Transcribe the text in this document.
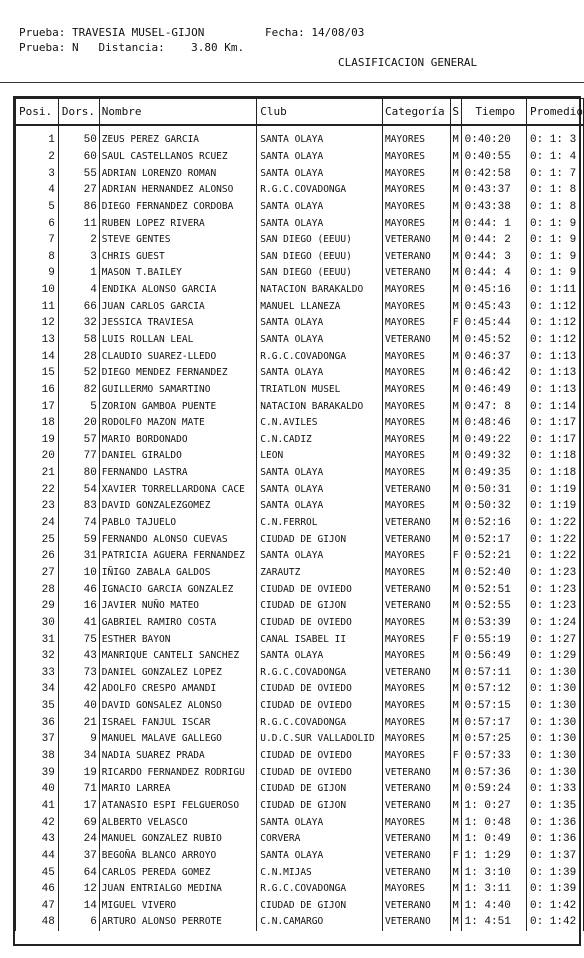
Prueba: TRAVESIA MUSEL-GIJON	Fecha: 14/08/03
Prueba: N   Distancia:    3.80 Km.
CLASIFICACION GENERAL
Posi.	Dors.	Nombre	Club	Categoría	S	Tiempo	Promedio

1	50	ZEUS PEREZ GARCIA	SANTA OLAYA	MAYORES	M	0:40:20	0: 1: 3
2	60	SAUL CASTELLANOS RCUEZ	SANTA OLAYA	MAYORES	M	0:40:55	0: 1: 4
3	55	ADRIAN LORENZO ROMAN	SANTA OLAYA	MAYORES	M	0:42:58	0: 1: 7
4	27	ADRIAN HERNANDEZ ALONSO	R.G.C.COVADONGA	MAYORES	M	0:43:37	0: 1: 8
5	86	DIEGO FERNANDEZ CORDOBA	SANTA OLAYA	MAYORES	M	0:43:38	0: 1: 8
6	11	RUBEN LOPEZ RIVERA	SANTA OLAYA	MAYORES	M	0:44: 1	0: 1: 9
7	2	STEVE GENTES	SAN DIEGO (EEUU)	VETERANO	M	0:44: 2	0: 1: 9
8	3	CHRIS GUEST	SAN DIEGO (EEUU)	VETERANO	M	0:44: 3	0: 1: 9
9	1	MASON T.BAILEY	SAN DIEGO (EEUU)	VETERANO	M	0:44: 4	0: 1: 9
10	4	ENDIKA ALONSO GARCIA	NATACION BARAKALDO	MAYORES	M	0:45:16	0: 1:11
11	66	JUAN CARLOS GARCIA	MANUEL LLANEZA	MAYORES	M	0:45:43	0: 1:12
12	32	JESSICA TRAVIESA	SANTA OLAYA	MAYORES	F	0:45:44	0: 1:12
13	58	LUIS ROLLAN LEAL	SANTA OLAYA	VETERANO	M	0:45:52	0: 1:12
14	28	CLAUDIO SUAREZ-LLEDO	R.G.C.COVADONGA	MAYORES	M	0:46:37	0: 1:13
15	52	DIEGO MENDEZ FERNANDEZ	SANTA OLAYA	MAYORES	M	0:46:42	0: 1:13
16	82	GUILLERMO SAMARTINO	TRIATLON MUSEL	MAYORES	M	0:46:49	0: 1:13
17	5	ZORION GAMBOA PUENTE	NATACION BARAKALDO	MAYORES	M	0:47: 8	0: 1:14
18	20	RODOLFO MAZON MATE	C.N.AVILES	MAYORES	M	0:48:46	0: 1:17
19	57	MARIO BORDONADO	C.N.CADIZ	MAYORES	M	0:49:22	0: 1:17
20	77	DANIEL GIRALDO	LEON	MAYORES	M	0:49:32	0: 1:18
21	80	FERNANDO LASTRA	SANTA OLAYA	MAYORES	M	0:49:35	0: 1:18
22	54	XAVIER TORRELLARDONA CACE	SANTA OLAYA	VETERANO	M	0:50:31	0: 1:19
23	83	DAVID GONZALEZGOMEZ	SANTA OLAYA	MAYORES	M	0:50:32	0: 1:19
24	74	PABLO TAJUELO	C.N.FERROL	VETERANO	M	0:52:16	0: 1:22
25	59	FERNANDO ALONSO CUEVAS	CIUDAD DE GIJON	VETERANO	M	0:52:17	0: 1:22
26	31	PATRICIA AGUERA FERNANDEZ	SANTA OLAYA	MAYORES	F	0:52:21	0: 1:22
27	10	IÑIGO ZABALA GALDOS	ZARAUTZ	MAYORES	M	0:52:40	0: 1:23
28	46	IGNACIO GARCIA GONZALEZ	CIUDAD DE OVIEDO	VETERANO	M	0:52:51	0: 1:23
29	16	JAVIER NUÑO MATEO	CIUDAD DE GIJON	VETERANO	M	0:52:55	0: 1:23
30	41	GABRIEL RAMIRO COSTA	CIUDAD DE OVIEDO	MAYORES	M	0:53:39	0: 1:24
31	75	ESTHER BAYON	CANAL ISABEL II	MAYORES	F	0:55:19	0: 1:27
32	43	MANRIQUE CANTELI SANCHEZ	SANTA OLAYA	MAYORES	M	0:56:49	0: 1:29
33	73	DANIEL GONZALEZ LOPEZ	R.G.C.COVADONGA	VETERANO	M	0:57:11	0: 1:30
34	42	ADOLFO CRESPO AMANDI	CIUDAD DE OVIEDO	MAYORES	M	0:57:12	0: 1:30
35	40	DAVID GONSALEZ ALONSO	CIUDAD DE OVIEDO	MAYORES	M	0:57:15	0: 1:30
36	21	ISRAEL FANJUL ISCAR	R.G.C.COVADONGA	MAYORES	M	0:57:17	0: 1:30
37	9	MANUEL MALAVE GALLEGO	U.D.C.SUR VALLADOLID	MAYORES	M	0:57:25	0: 1:30
38	34	NADIA SUAREZ PRADA	CIUDAD DE OVIEDO	MAYORES	F	0:57:33	0: 1:30
39	19	RICARDO FERNANDEZ RODRIGU	CIUDAD DE OVIEDO	VETERANO	M	0:57:36	0: 1:30
40	71	MARIO LARREA	CIUDAD DE GIJON	VETERANO	M	0:59:24	0: 1:33
41	17	ATANASIO ESPI FELGUEROSO	CIUDAD DE GIJON	VETERANO	M	1: 0:27	0: 1:35
42	69	ALBERTO VELASCO	SANTA OLAYA	MAYORES	M	1: 0:48	0: 1:36
43	24	MANUEL GONZALEZ RUBIO	CORVERA	VETERANO	M	1: 0:49	0: 1:36
44	37	BEGOÑA BLANCO ARROYO	SANTA OLAYA	VETERANO	F	1: 1:29	0: 1:37
45	64	CARLOS PEREDA GOMEZ	C.N.MIJAS	VETERANO	M	1: 3:10	0: 1:39
46	12	JUAN ENTRIALGO MEDINA	R.G.C.COVADONGA	MAYORES	M	1: 3:11	0: 1:39
47	14	MIGUEL VIVERO	CIUDAD DE GIJON	VETERANO	M	1: 4:40	0: 1:42
48	6	ARTURO ALONSO PERROTE	C.N.CAMARGO	VETERANO	M	1: 4:51	0: 1:42
